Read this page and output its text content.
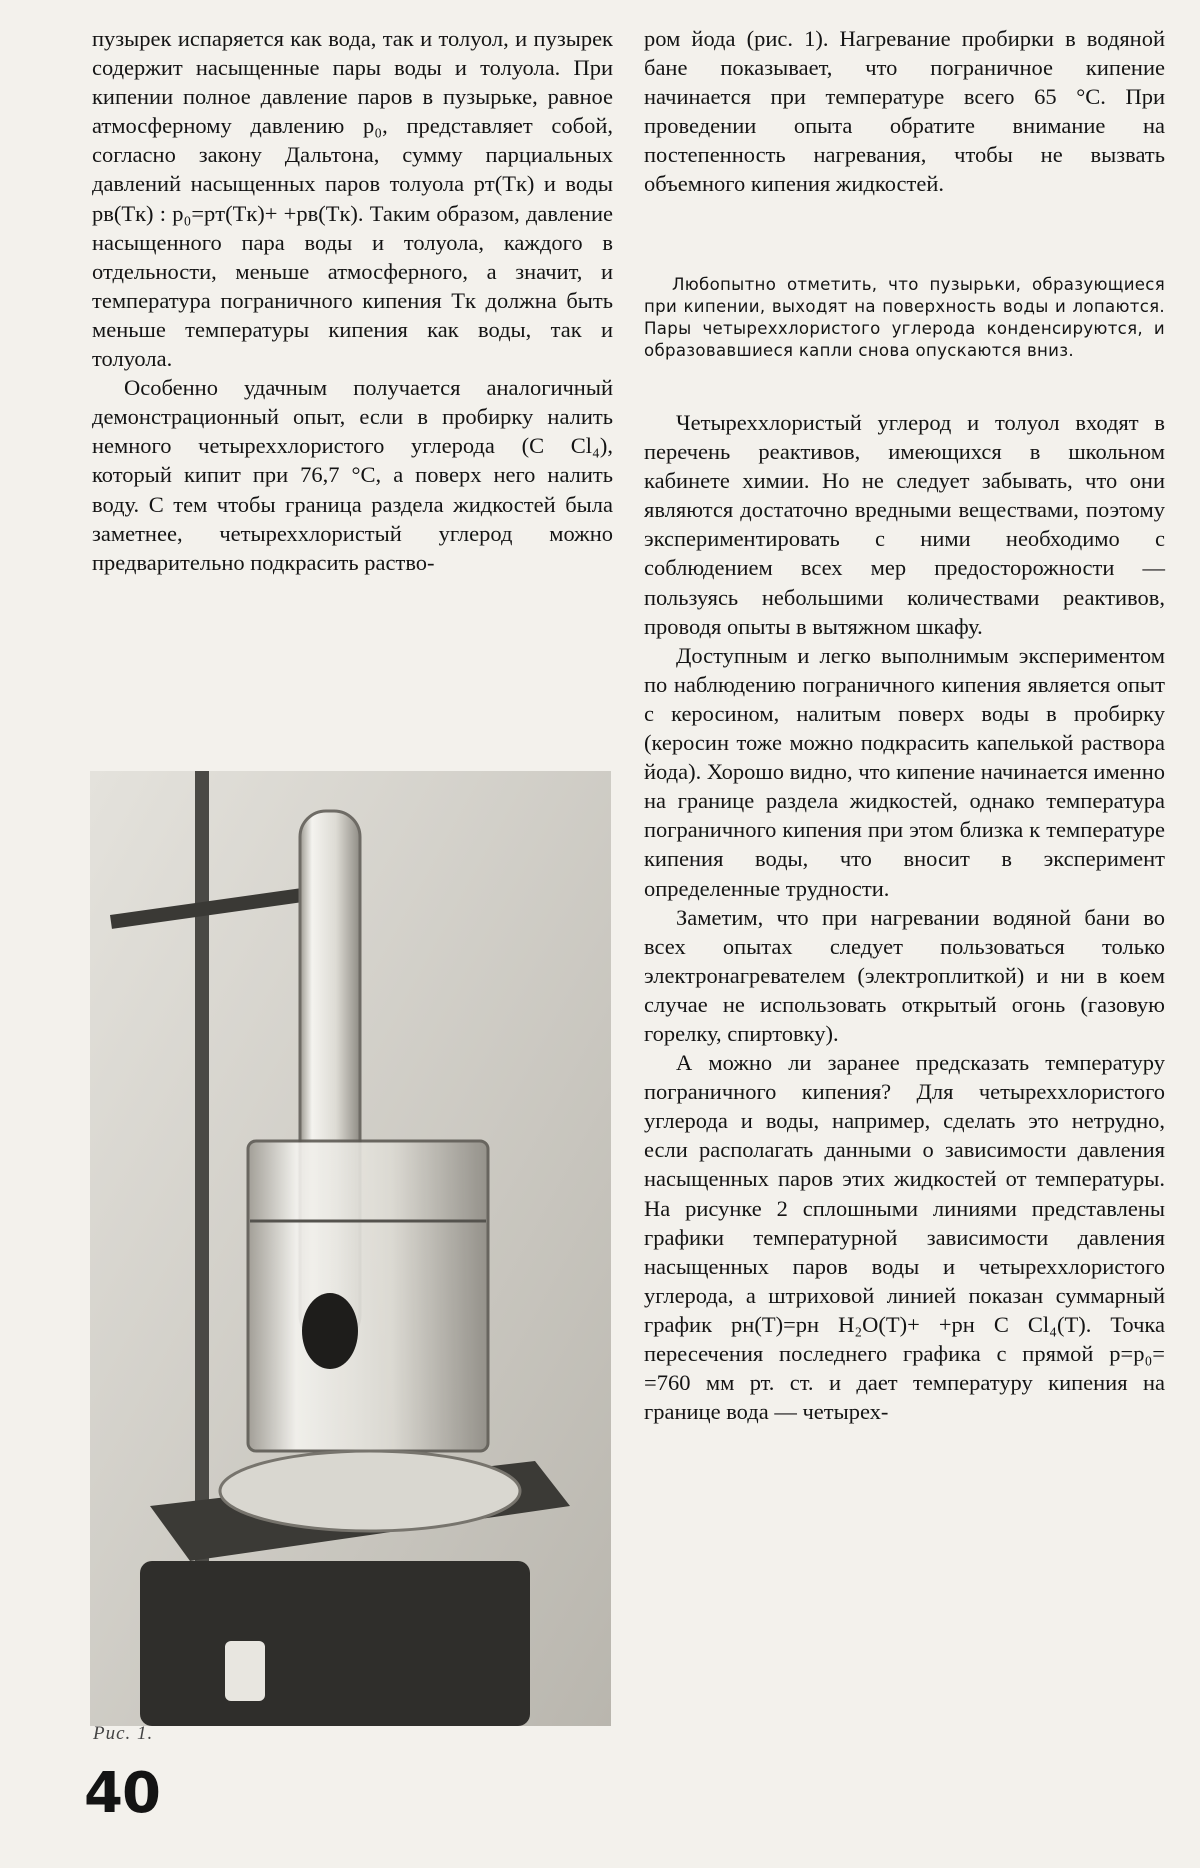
пузырек испаряется как вода, так и толуол, и пузырек содержит насыщенные пары воды и толуола. При кипении полное давление паров в пузырьке, равное атмосферному давлению p₀, представляет собой, согласно закону Дальтона, сумму парциальных давлений насыщенных паров толуола pт(Tк) и воды pв(Tк) : p₀=pт(Tк)+ +pв(Tк). Таким образом, давление насыщенного пара воды и толуола, каждого в отдельности, меньше атмосферного, а значит, и температура пограничного кипения Tк должна быть меньше температуры кипения как воды, так и толуола.

Особенно удачным получается аналогичный демонстрационный опыт, если в пробирку налить немного четыреххлористого углерода (C Cl₄), который кипит при 76,7 °C, а поверх него налить воду. С тем чтобы граница раздела жидкостей была заметнее, четыреххлористый углерод можно предварительно подкрасить раство-

ром йода (рис. 1). Нагревание пробирки в водяной бане показывает, что пограничное кипение начинается при температуре всего 65 °C. При проведении опыта обратите внимание на постепенность нагревания, чтобы не вызвать объемного кипения жидкостей.

Любопытно отметить, что пузырьки, образующиеся при кипении, выходят на поверхность воды и лопаются. Пары четыреххлористого углерода конденсируются, и образовавшиеся капли снова опускаются вниз.

Четыреххлористый углерод и толуол входят в перечень реактивов, имеющихся в школьном кабинете химии. Но не следует забывать, что они являются достаточно вредными веществами, поэтому экспериментировать с ними необходимо с соблюдением всех мер предосторожности — пользуясь небольшими количествами реактивов, проводя опыты в вытяжном шкафу.

Доступным и легко выполнимым экспериментом по наблюдению пограничного кипения является опыт с керосином, налитым поверх воды в пробирку (керосин тоже можно подкрасить капелькой раствора йода). Хорошо видно, что кипение начинается именно на границе раздела жидкостей, однако температура пограничного кипения при этом близка к температуре кипения воды, что вносит в эксперимент определенные трудности.

Заметим, что при нагревании водяной бани во всех опытах следует пользоваться только электронагревателем (электроплиткой) и ни в коем случае не использовать открытый огонь (газовую горелку, спиртовку).

А можно ли заранее предсказать температуру пограничного кипения? Для четыреххлористого углерода и воды, например, сделать это нетрудно, если располагать данными о зависимости давления насыщенных паров этих жидкостей от температуры. На рисунке 2 сплошными линиями представлены графики температурной зависимости давления насыщенных паров воды и четыреххлористого углерода, а штриховой линией показан суммарный график pн(T)=pн H₂O(T)+ +pн C Cl₄(T). Точка пересечения последнего графика с прямой p=p₀= =760 мм рт. ст. и дает температуру кипения на границе вода — четырех-

Рис. 1.
40
